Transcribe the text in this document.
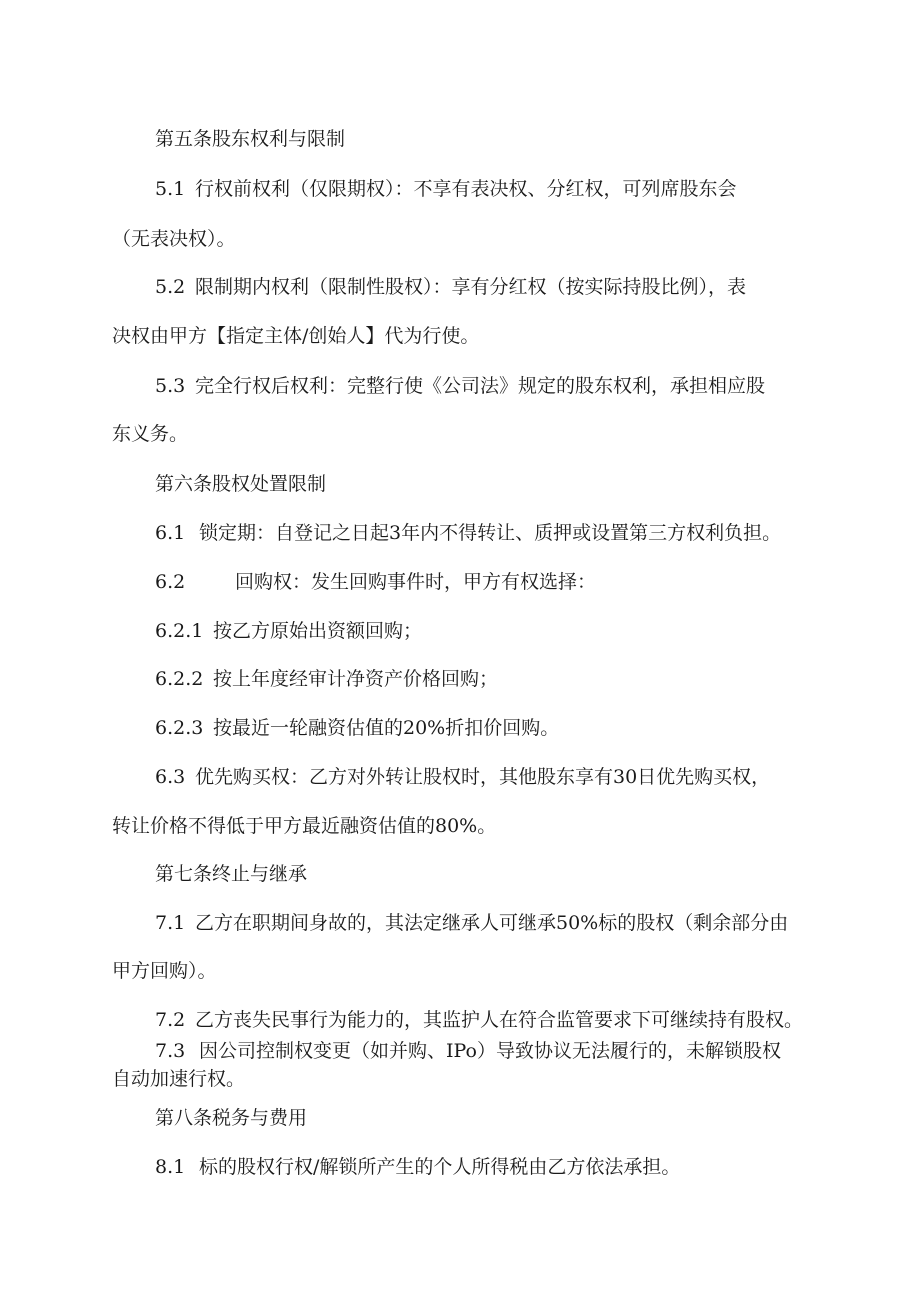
第五条股东权利与限制
5.1 行权前权利（仅限期权）：不享有表决权、分红权，可列席股东会
（无表决权）。
5.2 限制期内权利（限制性股权）：享有分红权（按实际持股比例），表
决权由甲方【指定主体/创始人】代为行使。
5.3 完全行权后权利：完整行使《公司法》规定的股东权利，承担相应股
东义务。
第六条股权处置限制
6.1 锁定期：自登记之日起3年内不得转让、质押或设置第三方权利负担。
6.2	回购权：发生回购事件时，甲方有权选择：
6.2.1 按乙方原始出资额回购；
6.2.2 按上年度经审计净资产价格回购；
6.2.3 按最近一轮融资估值的20%折扣价回购。
6.3 优先购买权：乙方对外转让股权时，其他股东享有30日优先购买权，
转让价格不得低于甲方最近融资估值的80%。
第七条终止与继承
7.1 乙方在职期间身故的，其法定继承人可继承50%标的股权（剩余部分由
甲方回购）。
7.2 乙方丧失民事行为能力的，其监护人在符合监管要求下可继续持有股权。
7.3 因公司控制权变更（如并购、IPo）导致协议无法履行的，未解锁股权
自动加速行权。
第八条税务与费用
8.1 标的股权行权/解锁所产生的个人所得税由乙方依法承担。
